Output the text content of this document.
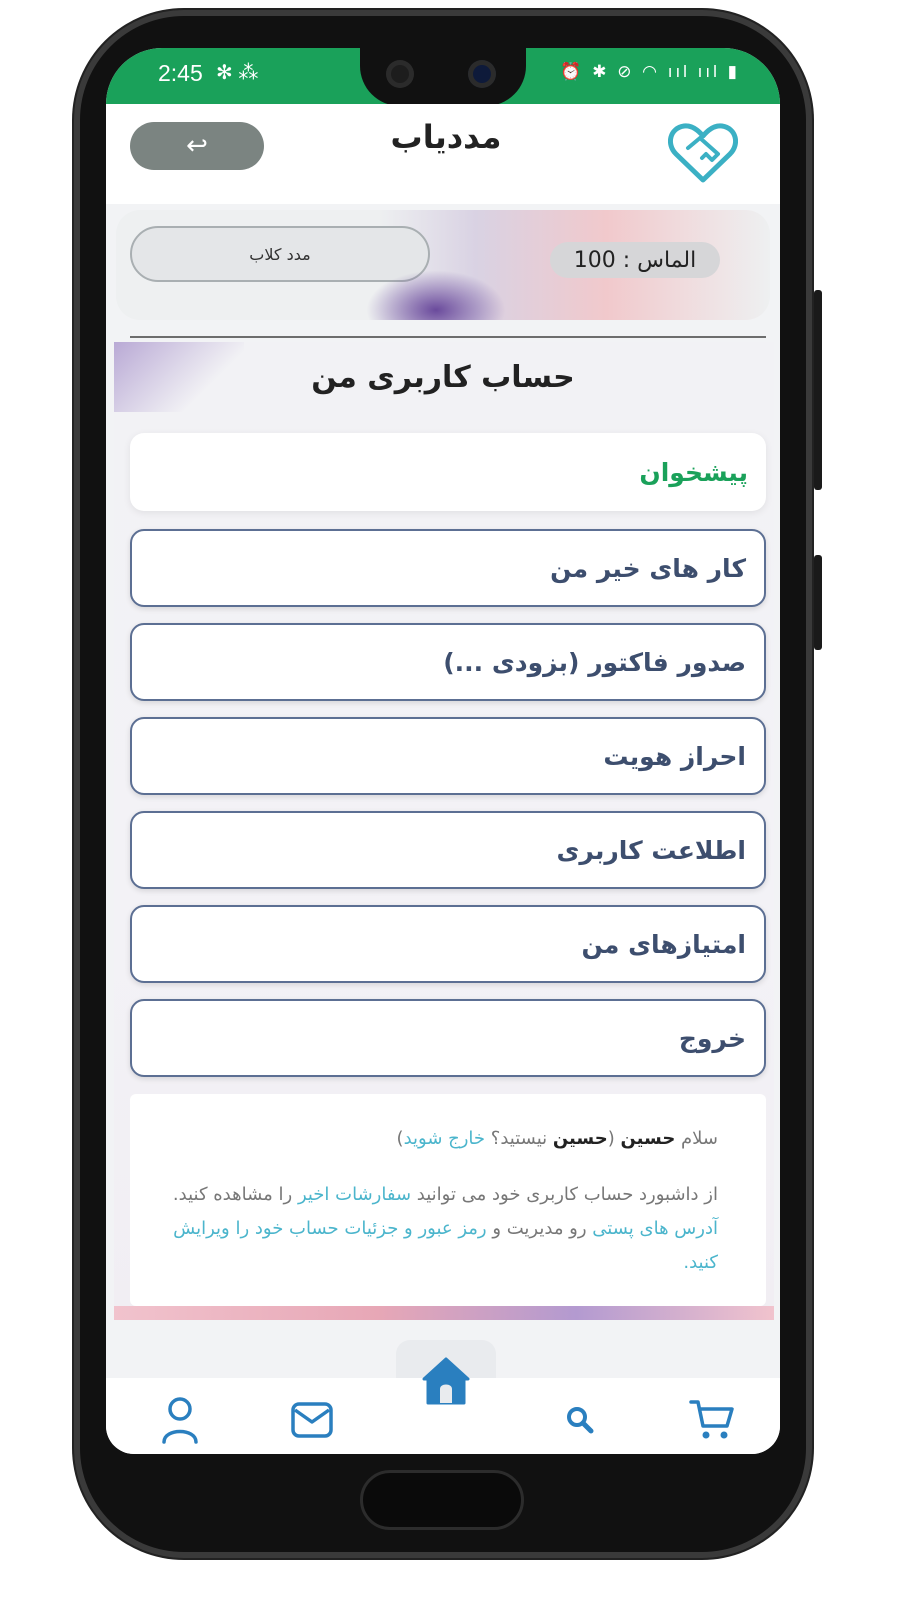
2:45 ✻ ⁂	⏰ ✱ ⊘ ◠ ııl ııl ▮
↩	مددیاب
مدد کلاب	الماس : 100
حساب کاربری من
پیشخوان
کار های خیر من
صدور فاکتور (بزودی ...)
احراز هویت
اطلاعت کاربری
امتیازهای من
خروج
سلام حسین (حسین نیستید؟ خارج شوید)
از داشبورد حساب کاربری خود می توانید سفارشات اخیر را مشاهده کنید. آدرس های پستی رو مدیریت و رمز عبور و جزئیات حساب خود را ویرایش کنید.
